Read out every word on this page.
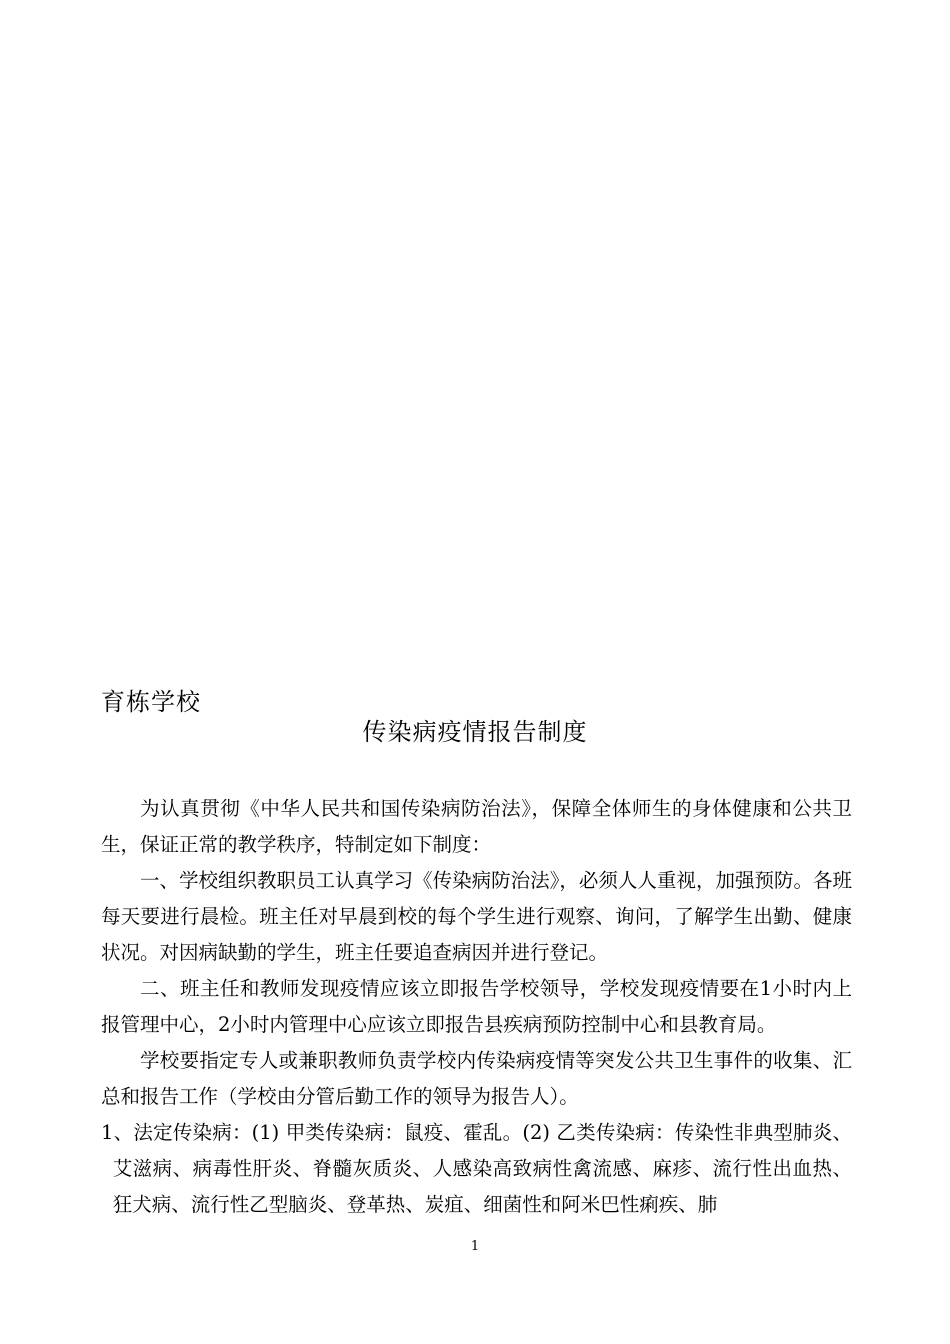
育栋学校
传染病疫情报告制度

为认真贯彻《中华人民共和国传染病防治法》，保障全体师生的身体健康和公共卫生，保证正常的教学秩序，特制定如下制度：

一、学校组织教职员工认真学习《传染病防治法》，必须人人重视，加强预防。各班每天要进行晨检。班主任对早晨到校的每个学生进行观察、询问，了解学生出勤、健康状况。对因病缺勤的学生，班主任要追查病因并进行登记。

二、班主任和教师发现疫情应该立即报告学校领导，学校发现疫情要在1小时内上报管理中心，2小时内管理中心应该立即报告县疾病预防控制中心和县教育局。

学校要指定专人或兼职教师负责学校内传染病疫情等突发公共卫生事件的收集、汇总和报告工作（学校由分管后勤工作的领导为报告人）。

1、法定传染病：(1) 甲类传染病：鼠疫、霍乱。(2) 乙类传染病：传染性非典型肺炎、艾滋病、病毒性肝炎、脊髓灰质炎、人感染高致病性禽流感、麻疹、流行性出血热、狂犬病、流行性乙型脑炎、登革热、炭疽、细菌性和阿米巴性痢疾、肺

1
